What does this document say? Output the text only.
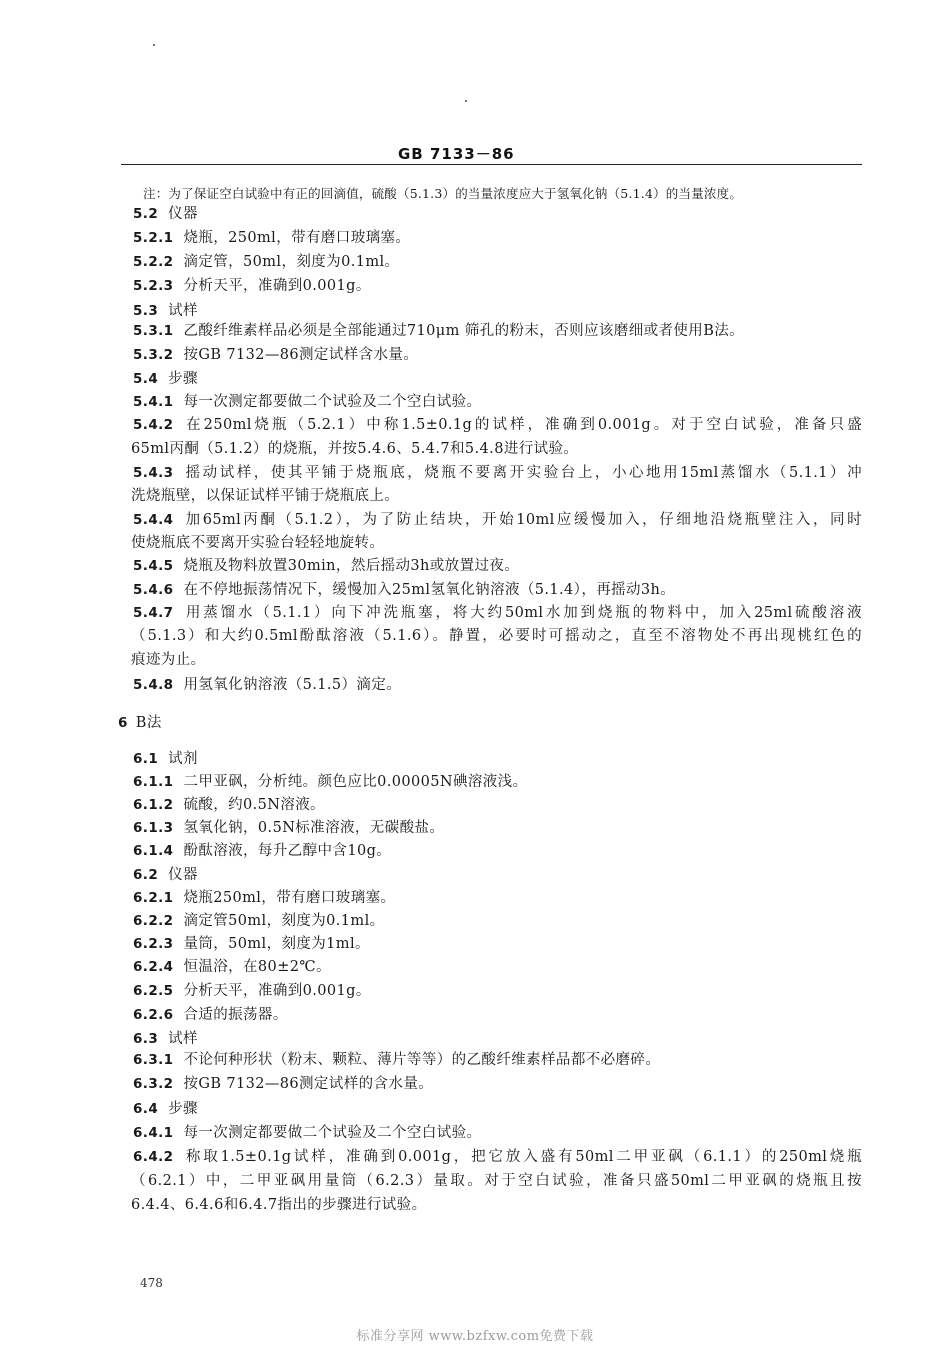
GB 7133－86
注：为了保证空白试验中有正的回滴值，硫酸（5.1.3）的当量浓度应大于氢氧化钠（5.1.4）的当量浓度。
5.2 仪器
5.2.1 烧瓶，250ml，带有磨口玻璃塞。
5.2.2 滴定管，50ml，刻度为0.1ml。
5.2.3 分析天平，准确到0.001g。
5.3 试样
5.3.1 乙酸纤维素样品必须是全部能通过710μm 筛孔的粉末，否则应该磨细或者使用B法。
5.3.2 按GB 7132—86测定试样含水量。
5.4 步骤
5.4.1 每一次测定都要做二个试验及二个空白试验。
5.4.2 在250ml烧瓶（5.2.1）中称1.5±0.1g的试样，准确到0.001g。对于空白试验，准备只盛
65ml丙酮（5.1.2）的烧瓶，并按5.4.6、5.4.7和5.4.8进行试验。
5.4.3 摇动试样，使其平铺于烧瓶底，烧瓶不要离开实验台上，小心地用15ml蒸馏水（5.1.1）冲
洗烧瓶壁，以保证试样平铺于烧瓶底上。
5.4.4 加65ml丙酮（5.1.2），为了防止结块，开始10ml应缓慢加入，仔细地沿烧瓶壁注入，同时
使烧瓶底不要离开实验台轻轻地旋转。
5.4.5 烧瓶及物料放置30min，然后摇动3h或放置过夜。
5.4.6 在不停地振荡情况下，缓慢加入25ml氢氧化钠溶液（5.1.4），再摇动3h。
5.4.7 用蒸馏水（5.1.1）向下冲洗瓶塞，将大约50ml水加到烧瓶的物料中，加入25ml硫酸溶液
（5.1.3）和大约0.5ml酚酞溶液（5.1.6）。静置，必要时可摇动之，直至不溶物处不再出现桃红色的
痕迹为止。
5.4.8 用氢氧化钠溶液（5.1.5）滴定。
6 B法
6.1 试剂
6.1.1 二甲亚砜，分析纯。颜色应比0.00005N碘溶液浅。
6.1.2 硫酸，约0.5N溶液。
6.1.3 氢氧化钠，0.5N标准溶液，无碳酸盐。
6.1.4 酚酞溶液，每升乙醇中含10g。
6.2 仪器
6.2.1 烧瓶250ml，带有磨口玻璃塞。
6.2.2 滴定管50ml，刻度为0.1ml。
6.2.3 量筒，50ml，刻度为1ml。
6.2.4 恒温浴，在80±2℃。
6.2.5 分析天平，准确到0.001g。
6.2.6 合适的振荡器。
6.3 试样
6.3.1 不论何种形状（粉末、颗粒、薄片等等）的乙酸纤维素样品都不必磨碎。
6.3.2 按GB 7132—86测定试样的含水量。
6.4 步骤
6.4.1 每一次测定都要做二个试验及二个空白试验。
6.4.2 称取1.5±0.1g试样，准确到0.001g，把它放入盛有50ml二甲亚砜（6.1.1）的250ml烧瓶
（6.2.1）中，二甲亚砜用量筒（6.2.3）量取。对于空白试验，准备只盛50ml二甲亚砜的烧瓶且按
6.4.4、6.4.6和6.4.7指出的步骤进行试验。
478
标准分享网 www.bzfxw.com免费下载
